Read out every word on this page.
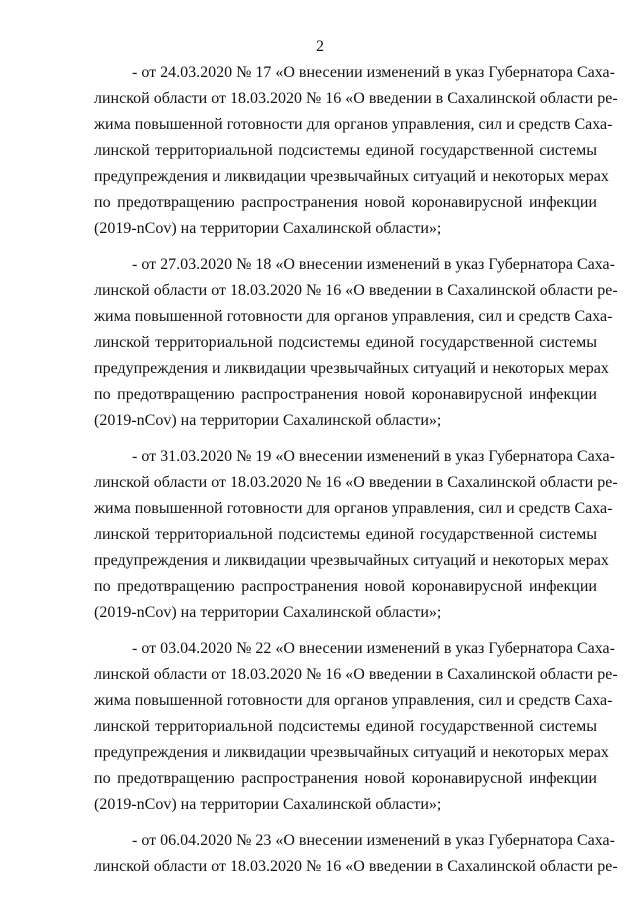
2
- от 24.03.2020 № 17 «О внесении изменений в указ Губернатора Саха-
линской области от 18.03.2020 № 16 «О введении в Сахалинской области ре-
жима повышенной готовности для органов управления, сил и средств Саха-
линской территориальной подсистемы единой государственной системы
предупреждения и ликвидации чрезвычайных ситуаций и некоторых мерах
по предотвращению распространения новой коронавирусной инфекции
(2019-nCov) на территории Сахалинской области»;
- от 27.03.2020 № 18 «О внесении изменений в указ Губернатора Саха-
линской области от 18.03.2020 № 16 «О введении в Сахалинской области ре-
жима повышенной готовности для органов управления, сил и средств Саха-
линской территориальной подсистемы единой государственной системы
предупреждения и ликвидации чрезвычайных ситуаций и некоторых мерах
по предотвращению распространения новой коронавирусной инфекции
(2019-nCov) на территории Сахалинской области»;
- от 31.03.2020 № 19 «О внесении изменений в указ Губернатора Саха-
линской области от 18.03.2020 № 16 «О введении в Сахалинской области ре-
жима повышенной готовности для органов управления, сил и средств Саха-
линской территориальной подсистемы единой государственной системы
предупреждения и ликвидации чрезвычайных ситуаций и некоторых мерах
по предотвращению распространения новой коронавирусной инфекции
(2019-nCov) на территории Сахалинской области»;
- от 03.04.2020 № 22 «О внесении изменений в указ Губернатора Саха-
линской области от 18.03.2020 № 16 «О введении в Сахалинской области ре-
жима повышенной готовности для органов управления, сил и средств Саха-
линской территориальной подсистемы единой государственной системы
предупреждения и ликвидации чрезвычайных ситуаций и некоторых мерах
по предотвращению распространения новой коронавирусной инфекции
(2019-nCov) на территории Сахалинской области»;
- от 06.04.2020 № 23 «О внесении изменений в указ Губернатора Саха-
линской области от 18.03.2020 № 16 «О введении в Сахалинской области ре-
